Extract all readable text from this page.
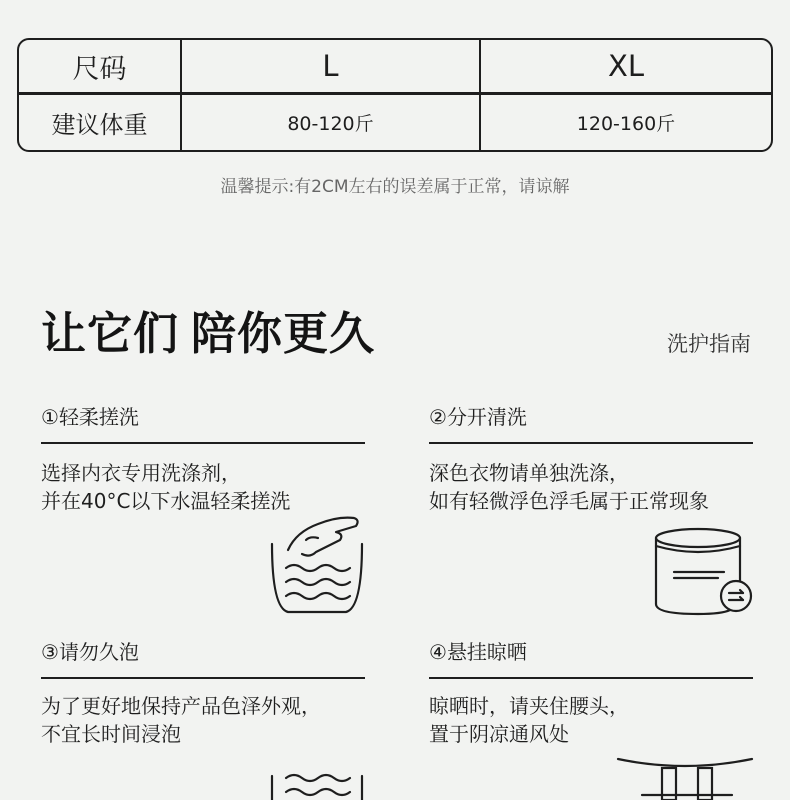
尺码	L	XL
建议体重	80-120斤	120-160斤
温馨提示:有2CM左右的误差属于正常，请谅解
让它们 陪你更久	洗护指南
①轻柔搓洗
选择内衣专用洗涤剂，
并在40°C以下水温轻柔搓洗
②分开清洗
深色衣物请单独洗涤，
如有轻微浮色浮毛属于正常现象
③请勿久泡
为了更好地保持产品色泽外观，
不宜长时间浸泡
④悬挂晾晒
晾晒时，请夹住腰头，
置于阴凉通风处
